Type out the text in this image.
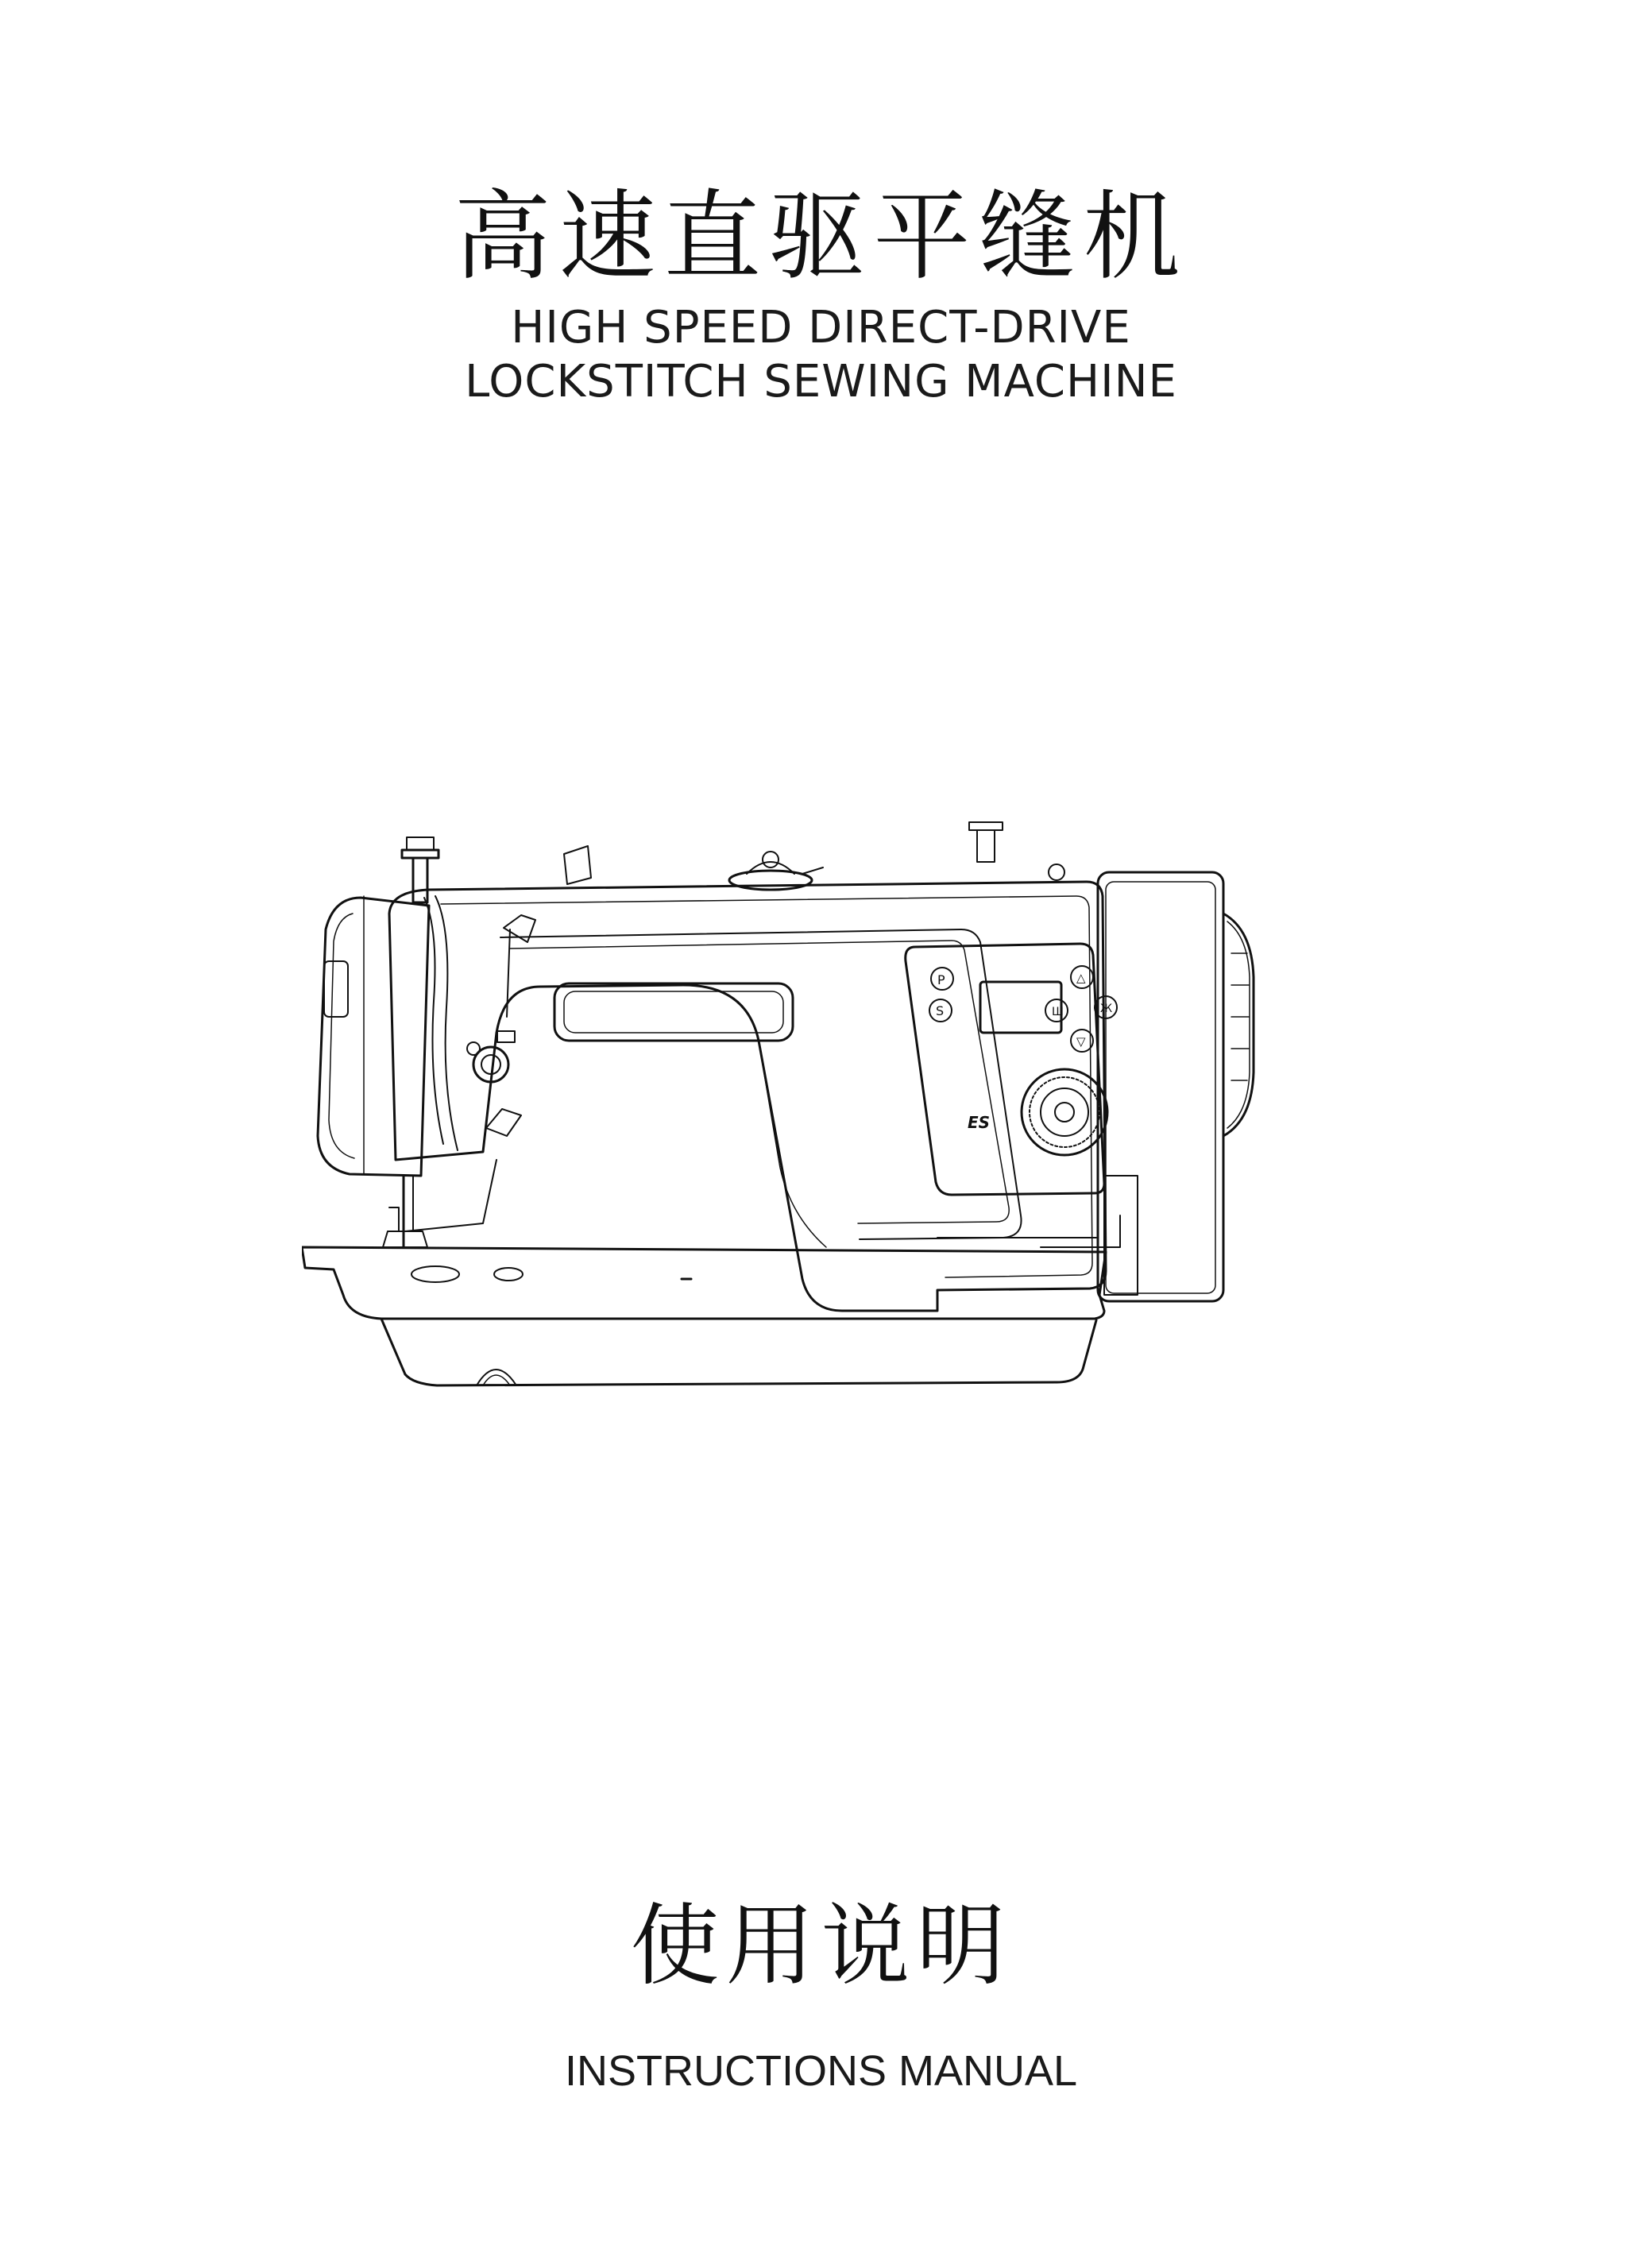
高速直驱平缝机
HIGH SPEED DIRECT-DRIVE
LOCKSTITCH SEWING MACHINE
P
S
△
Ш	Ж
▽
ES
使用说明
INSTRUCTIONS MANUAL
